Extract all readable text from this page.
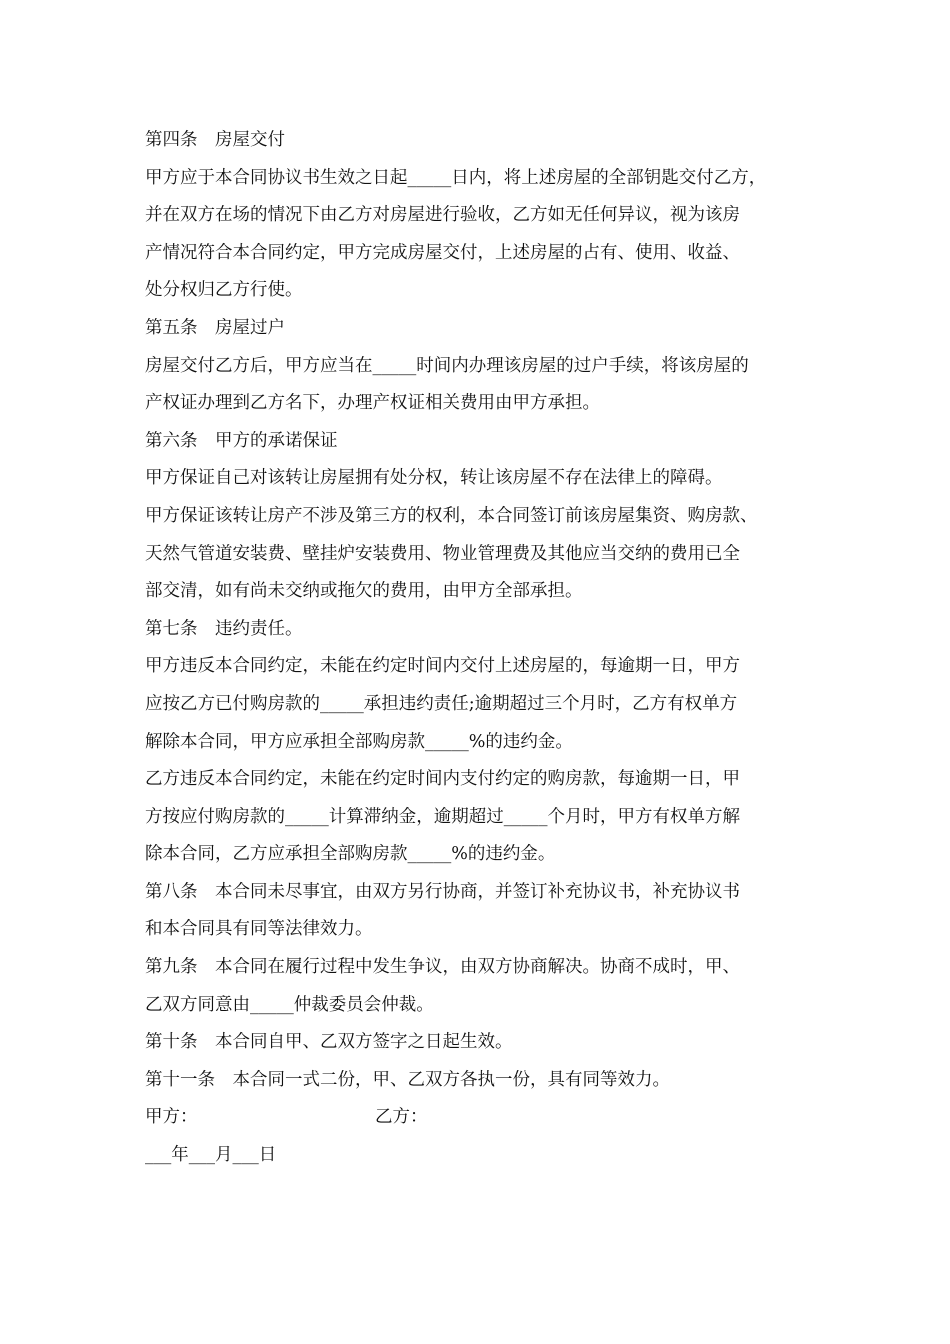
第四条　房屋交付
甲方应于本合同协议书生效之日起_____日内，将上述房屋的全部钥匙交付乙方，
并在双方在场的情况下由乙方对房屋进行验收，乙方如无任何异议，视为该房
产情况符合本合同约定，甲方完成房屋交付，上述房屋的占有、使用、收益、
处分权归乙方行使。
第五条　房屋过户
房屋交付乙方后，甲方应当在_____时间内办理该房屋的过户手续，将该房屋的
产权证办理到乙方名下，办理产权证相关费用由甲方承担。
第六条　甲方的承诺保证
甲方保证自己对该转让房屋拥有处分权，转让该房屋不存在法律上的障碍。
甲方保证该转让房产不涉及第三方的权利，本合同签订前该房屋集资、购房款、
天然气管道安装费、壁挂炉安装费用、物业管理费及其他应当交纳的费用已全
部交清，如有尚未交纳或拖欠的费用，由甲方全部承担。
第七条　违约责任。
甲方违反本合同约定，未能在约定时间内交付上述房屋的，每逾期一日，甲方
应按乙方已付购房款的_____承担违约责任;逾期超过三个月时，乙方有权单方
解除本合同，甲方应承担全部购房款_____%的违约金。
乙方违反本合同约定，未能在约定时间内支付约定的购房款，每逾期一日，甲
方按应付购房款的_____计算滞纳金，逾期超过_____个月时，甲方有权单方解
除本合同，乙方应承担全部购房款_____%的违约金。
第八条　本合同未尽事宜，由双方另行协商，并签订补充协议书，补充协议书
和本合同具有同等法律效力。
第九条　本合同在履行过程中发生争议，由双方协商解决。协商不成时，甲、
乙双方同意由_____仲裁委员会仲裁。
第十条　本合同自甲、乙双方签字之日起生效。
第十一条　本合同一式二份，甲、乙双方各执一份，具有同等效力。
甲方：	乙方：
___年___月___日
